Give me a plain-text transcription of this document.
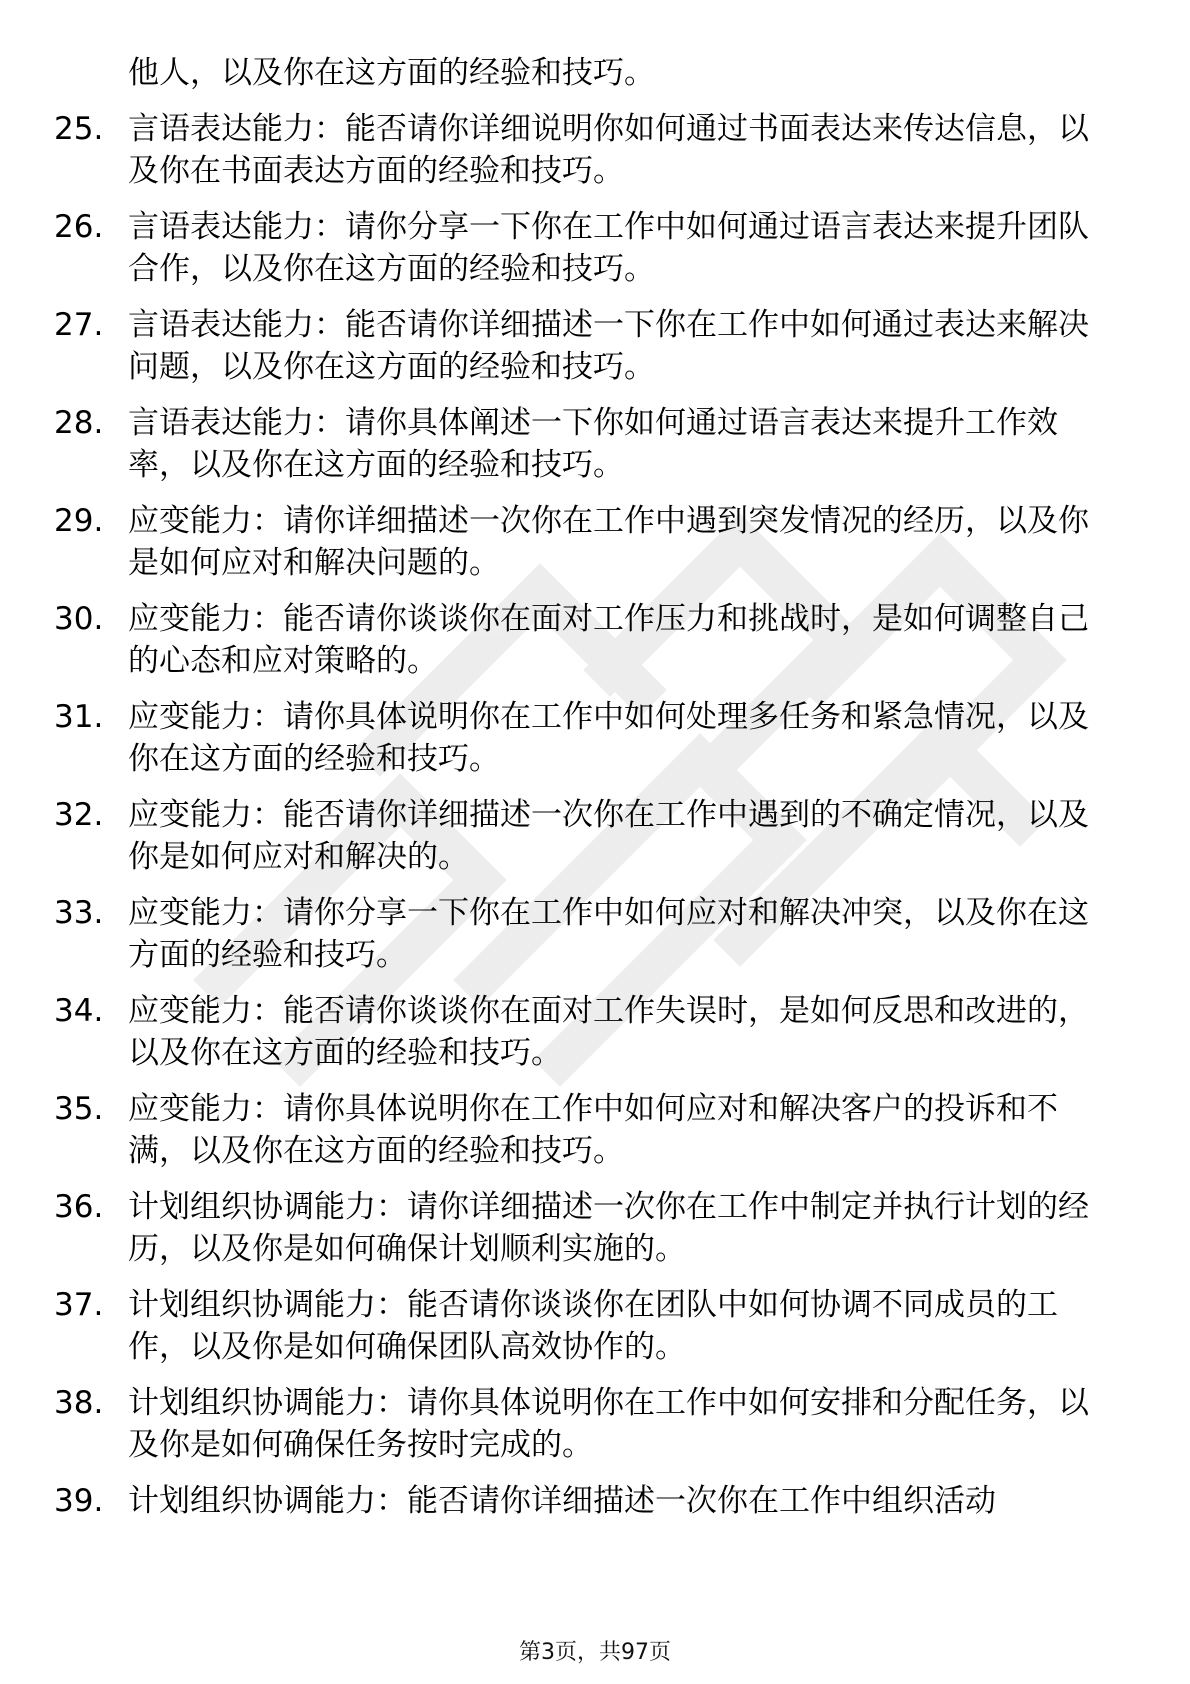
他人，以及你在这方面的经验和技巧。
25. 言语表达能力：能否请你详细说明你如何通过书面表达来传达信息，以及你在书面表达方面的经验和技巧。
26. 言语表达能力：请你分享一下你在工作中如何通过语言表达来提升团队合作，以及你在这方面的经验和技巧。
27. 言语表达能力：能否请你详细描述一下你在工作中如何通过表达来解决问题，以及你在这方面的经验和技巧。
28. 言语表达能力：请你具体阐述一下你如何通过语言表达来提升工作效率，以及你在这方面的经验和技巧。
29. 应变能力：请你详细描述一次你在工作中遇到突发情况的经历，以及你是如何应对和解决问题的。
30. 应变能力：能否请你谈谈你在面对工作压力和挑战时，是如何调整自己的心态和应对策略的。
31. 应变能力：请你具体说明你在工作中如何处理多任务和紧急情况，以及你在这方面的经验和技巧。
32. 应变能力：能否请你详细描述一次你在工作中遇到的不确定情况，以及你是如何应对和解决的。
33. 应变能力：请你分享一下你在工作中如何应对和解决冲突，以及你在这方面的经验和技巧。
34. 应变能力：能否请你谈谈你在面对工作失误时，是如何反思和改进的，以及你在这方面的经验和技巧。
35. 应变能力：请你具体说明你在工作中如何应对和解决客户的投诉和不满，以及你在这方面的经验和技巧。
36. 计划组织协调能力：请你详细描述一次你在工作中制定并执行计划的经历，以及你是如何确保计划顺利实施的。
37. 计划组织协调能力：能否请你谈谈你在团队中如何协调不同成员的工作，以及你是如何确保团队高效协作的。
38. 计划组织协调能力：请你具体说明你在工作中如何安排和分配任务，以及你是如何确保任务按时完成的。
39. 计划组织协调能力：能否请你详细描述一次你在工作中组织活动
第3页，共97页
